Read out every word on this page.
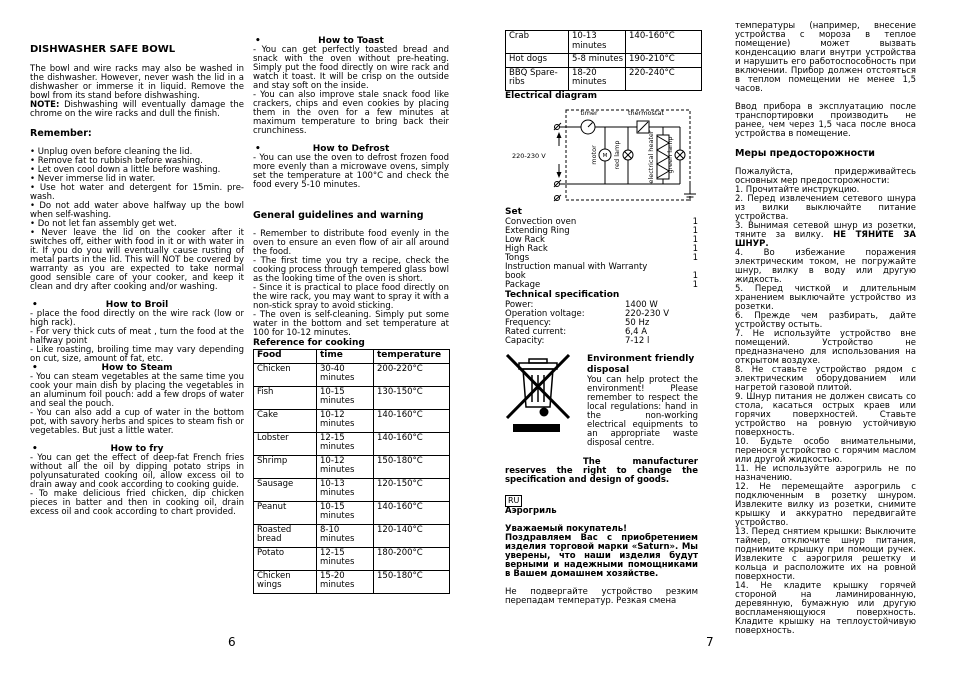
DISHWASHER SAFE BOWL
The bowl and wire racks may also be washed in the dishwasher. However, never wash the lid in a dishwasher or immerse it in liquid. Remove the bowl from its stand before dishwashing.
NOTE: Dishwashing will eventually damage the chrome on the wire racks and dull the finish.
Remember:
• Unplug oven before cleaning the lid.
• Remove fat to rubbish before washing.
• Let oven cool down a little before washing.
• Never immerse lid in water.
• Use hot water and detergent for 15min. pre-wash.
• Do not add water above halfway up the bowl when self-washing.
• Do not let fan assembly get wet.
• Never leave the lid on the cooker after it switches off, either with food in it or with water in it. If you do you will eventually cause rusting of metal parts in the lid. This will NOT be covered by warranty as you are expected to take normal good sensible care of your cooker, and keep it clean and dry after cooking and/or washing.
•	How to Broil
- place the food directly on the wire rack (low or high rack).
- For very thick cuts of meat , turn the food at the halfway point
- Like roasting, broiling time may vary depending on cut, size, amount of fat, etc.
•	How to Steam
- You can steam vegetables at the same time you cook your main dish by placing the vegetables in an aluminum foil pouch: add a few drops of water and seal the pouch.
- You can also add a cup of water in the bottom pot, with savory herbs and spices to steam fish or vegetables. But just a little water.
•	How to fry
- You can get the effect of deep-fat French fries without all the oil by dipping potato strips in polyunsaturated cooking oil, allow excess oil to drain away and cook according to cooking guide.
- To make delicious fried chicken, dip chicken pieces in batter and then in cooking oil, drain excess oil and cook according to chart provided.
•	How to Toast
- You can get perfectly toasted bread and snack with the oven without pre-heating. Simply put the food directly on wire rack and watch it toast. It will be crisp on the outside and stay soft on the inside.
- You can also improve stale snack food like crackers, chips and even cookies by placing them in the oven for a few minutes at maximum temperature to bring back their crunchiness.
•	How to Defrost
- You can use the oven to defrost frozen food more evenly than a microwave ovens, simply set the temperature at 100°C and check the food every 5-10 minutes.
General guidelines and warning
- Remember to distribute food evenly in the oven to ensure an even flow of air all around the food.
- The first time you try a recipe, check the cooking process through tempered glass bowl as the looking time of the oven is short.
- Since it is practical to place food directly on the wire rack, you may want to spray it with a non-stick spray to avoid sticking.
- The oven is self-cleaning. Simply put some water in the bottom and set temperature at 100 for 10-12 minutes.
Reference for cooking
Food	time	temperature
Chicken	30-40 minutes	200-220°C
Fish	10-15 minutes	130-150°C
Cake	10-12 minutes	140-160°C
Lobster	12-15 minutes	140-160°C
Shrimp	10-12 minutes	150-180°C
Sausage	10-13 minutes	120-150°C
Peanut	10-15 minutes	140-160°C
Roasted bread	8-10 minutes	120-140°C
Potato	12-15 minutes	180-200°C
Chicken wings	15-20 minutes	150-180°C
Crab	10-13 minutes	140-160°C
Hot dogs	5-8 minutes	190-210°C
BBQ Spare-ribs	18-20 minutes	220-240°C
Electrical diagram
220-230 V
timer	thermostat
M
motor red lamp	electrical heater green lamp
Set
Convection oven	1
Extending Ring	1
Low Rack	1
High Rack	1
Tongs	1
Instruction manual with Warranty book	1
Package	1
Technical specification
Power:	1400 W
Operation voltage:	220-230 V
Frequency:	50 Hz
Rated current:	6,4 A
Capacity:	7-12 l
Environment friendly disposal
You can help protect the environment! Please remember to respect the local regulations: hand in the non-working electrical equipments to an appropriate waste disposal centre.
The manufacturer reserves the right to change the specification and design of goods.
RU
Аэрогриль
Уважаемый покупатель!
Поздравляем Вас с приобретением изделия торговой марки «Saturn». Мы уверены, что наши изделия будут верными и надежными помощниками в Вашем домашнем хозяйстве.
Не подвергайте устройство резким перепадам температур. Резкая смена
температуры (например, внесение устройства с мороза в теплое помещение) может вызвать конденсацию влаги внутри устройства и нарушить его работоспособность при включении. Прибор должен отстояться в теплом помещении не менее 1,5 часов.
Ввод прибора в эксплуатацию после транспортировки производить не ранее, чем через 1,5 часа после вноса устройства в помещение.
Меры предосторожности
Пожалуйста, придерживайтесь основных мер предосторожности:
1. Прочитайте инструкцию.
2. Перед извлечением сетевого шнура из вилки выключайте питание устройства.
3. Вынимая сетевой шнур из розетки, тяните за вилку. НЕ ТЯНИТЕ ЗА ШНУР.
4. Во избежание поражения электрическим током, не погружайте шнур, вилку в воду или другую жидкость.
5. Перед чисткой и длительным хранением выключайте устройство из розетки.
6. Прежде чем разбирать, дайте устройству остыть.
7. Не используйте устройство вне помещений. Устройство не предназначено для использования на открытом воздухе.
8. Не ставьте устройство рядом с электрическим оборудованием или нагретой газовой плитой.
9. Шнур питания не должен свисать со стола, касаться острых краев или горячих поверхностей. Ставьте устройство на ровную устойчивую поверхность.
10. Будьте особо внимательными, перенося устройство с горячим маслом или другой жидкостью.
11. Не используйте аэрогриль не по назначению.
12. Не перемещайте аэрогриль с подключенным в розетку шнуром. Извлеките вилку из розетки, снимите крышку и аккуратно передвигайте устройство.
13. Перед снятием крышки: Выключите таймер, отключите шнур питания, поднимите крышку при помощи ручек. Извлеките с аэрогриля решетку и кольца и расположите их на ровной поверхности.
14. Не кладите крышку горячей стороной на ламинированную, деревянную, бумажную или другую воспламеняющуюся поверхность. Кладите крышку на теплоустойчивую поверхность.
6	7
